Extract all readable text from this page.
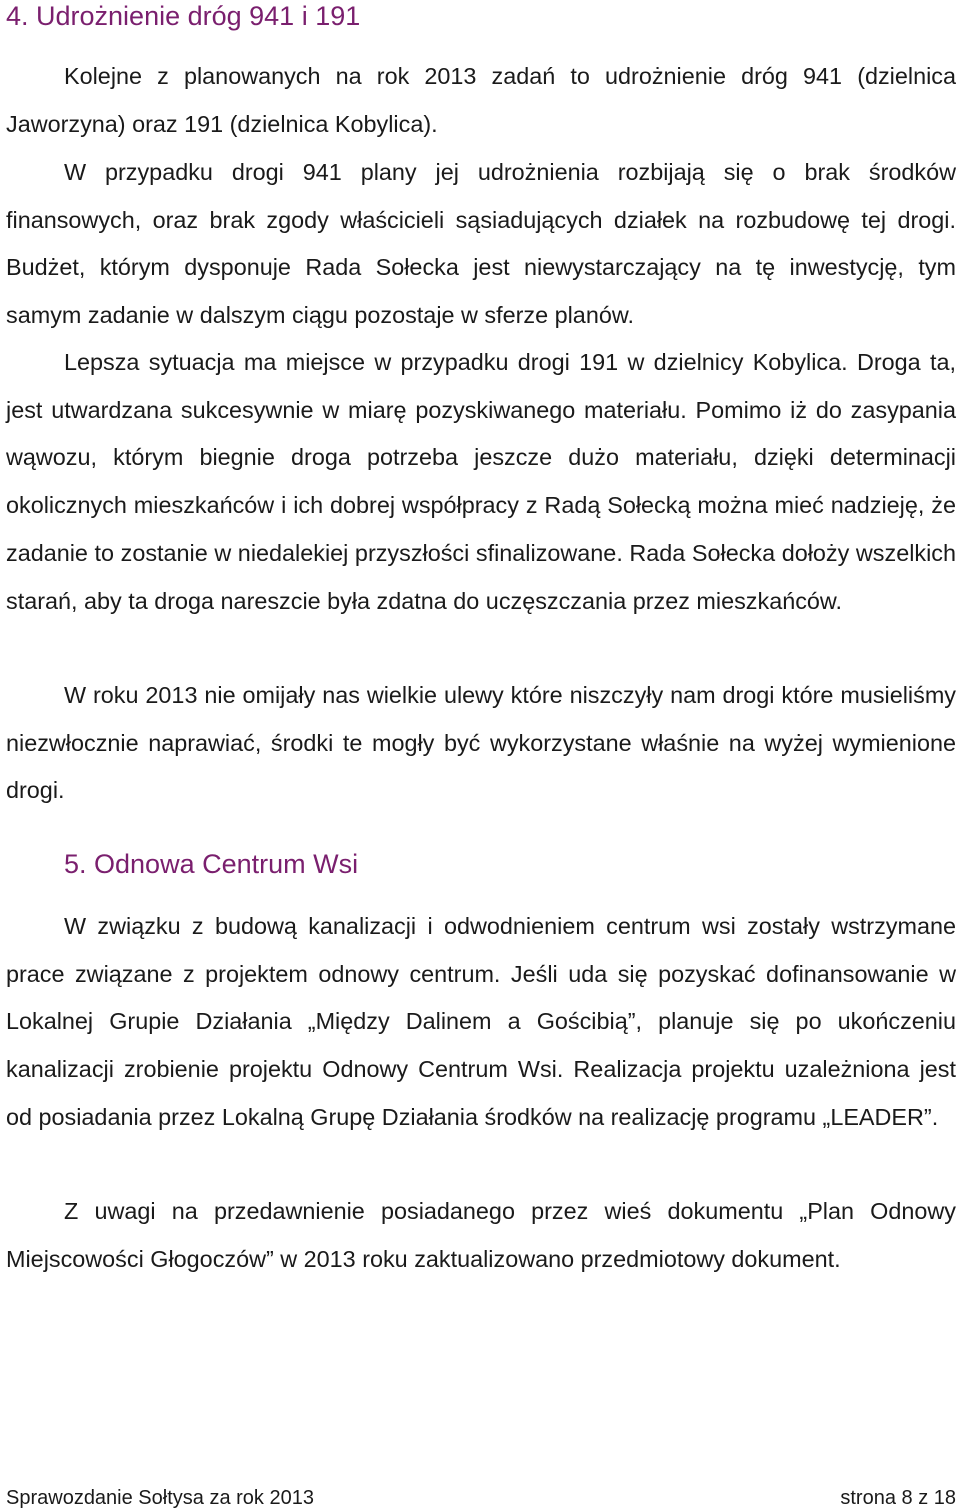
4. Udrożnienie dróg 941 i 191

Kolejne z planowanych na rok 2013 zadań to udrożnienie dróg 941 (dzielnica Jaworzyna) oraz 191 (dzielnica Kobylica).

W przypadku drogi 941 plany jej udrożnienia rozbijają się o brak środków finansowych, oraz brak zgody właścicieli sąsiadujących działek na rozbudowę tej drogi. Budżet, którym dysponuje Rada Sołecka jest niewystarczający na tę inwestycję, tym samym zadanie w dalszym ciągu pozostaje w sferze planów.

Lepsza sytuacja ma miejsce w przypadku drogi 191 w dzielnicy Kobylica. Droga ta, jest utwardzana sukcesywnie w miarę pozyskiwanego materiału. Pomimo iż do zasypania wąwozu, którym biegnie droga potrzeba jeszcze dużo materiału, dzięki determinacji okolicznych mieszkańców i ich dobrej współpracy z Radą Sołecką można mieć nadzieję, że zadanie to zostanie w niedalekiej przyszłości sfinalizowane. Rada Sołecka dołoży wszelkich starań, aby ta droga nareszcie była zdatna do uczęszczania przez mieszkańców.

W roku 2013 nie omijały nas wielkie ulewy które niszczyły nam drogi które musieliśmy niezwłocznie naprawiać, środki te mogły być wykorzystane właśnie na wyżej wymienione drogi.

5. Odnowa Centrum Wsi

W związku z budową kanalizacji i odwodnieniem centrum wsi zostały wstrzymane prace związane z projektem odnowy centrum. Jeśli uda się pozyskać dofinansowanie w Lokalnej Grupie Działania „Między Dalinem a Gościbią”, planuje się po ukończeniu kanalizacji zrobienie projektu Odnowy Centrum Wsi. Realizacja projektu uzależniona jest od posiadania przez Lokalną Grupę Działania środków na realizację programu „LEADER”.

Z uwagi na przedawnienie posiadanego przez wieś dokumentu „Plan Odnowy Miejscowości Głogoczów” w 2013 roku zaktualizowano przedmiotowy dokument.

Sprawozdanie Sołtysa za rok 2013	strona 8 z 18
